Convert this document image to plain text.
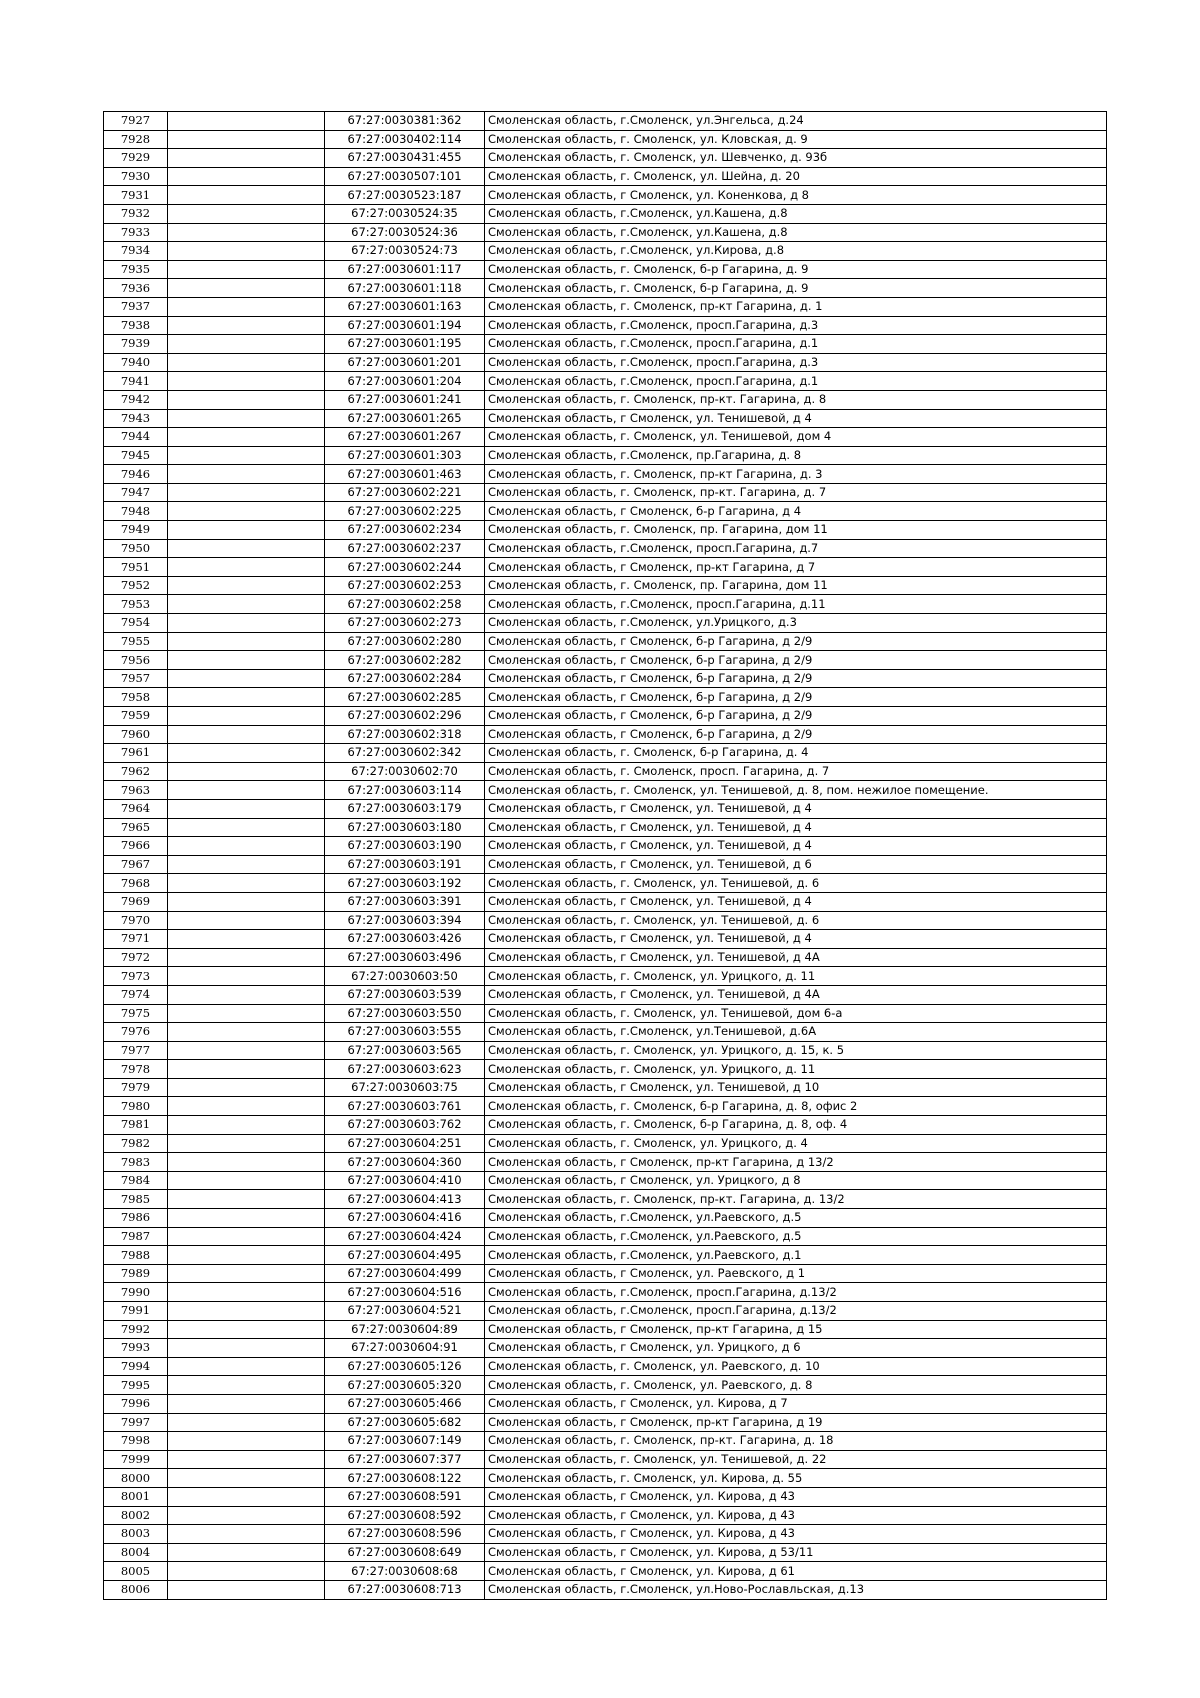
7927		67:27:0030381:362	Смоленская область, г.Смоленск, ул.Энгельса, д.24
7928		67:27:0030402:114	Смоленская область, г. Смоленск, ул. Кловская, д. 9
7929		67:27:0030431:455	Смоленская область, г. Смоленск, ул. Шевченко, д. 93б
7930		67:27:0030507:101	Смоленская область, г. Смоленск, ул. Шейна, д. 20
7931		67:27:0030523:187	Смоленская область, г Смоленск, ул. Коненкова, д 8
7932		67:27:0030524:35	Смоленская область, г.Смоленск, ул.Кашена, д.8
7933		67:27:0030524:36	Смоленская область, г.Смоленск, ул.Кашена, д.8
7934		67:27:0030524:73	Смоленская область, г.Смоленск, ул.Кирова, д.8
7935		67:27:0030601:117	Смоленская область, г. Смоленск, б-р Гагарина, д. 9
7936		67:27:0030601:118	Смоленская область, г. Смоленск, б-р Гагарина, д. 9
7937		67:27:0030601:163	Смоленская область, г. Смоленск, пр-кт Гагарина, д. 1
7938		67:27:0030601:194	Смоленская область, г.Смоленск, просп.Гагарина, д.3
7939		67:27:0030601:195	Смоленская область, г.Смоленск, просп.Гагарина, д.1
7940		67:27:0030601:201	Смоленская область, г.Смоленск, просп.Гагарина, д.3
7941		67:27:0030601:204	Смоленская область, г.Смоленск, просп.Гагарина, д.1
7942		67:27:0030601:241	Смоленская область, г. Смоленск, пр-кт. Гагарина, д. 8
7943		67:27:0030601:265	Смоленская область, г Смоленск, ул. Тенишевой, д 4
7944		67:27:0030601:267	Смоленская область, г. Смоленск, ул. Тенишевой, дом 4
7945		67:27:0030601:303	Смоленская область, г.Смоленск, пр.Гагарина, д. 8
7946		67:27:0030601:463	Смоленская область, г. Смоленск, пр-кт Гагарина, д. 3
7947		67:27:0030602:221	Смоленская область, г. Смоленск, пр-кт. Гагарина, д. 7
7948		67:27:0030602:225	Смоленская область, г Смоленск, б-р Гагарина, д 4
7949		67:27:0030602:234	Смоленская область, г. Смоленск, пр. Гагарина, дом 11
7950		67:27:0030602:237	Смоленская область, г.Смоленск, просп.Гагарина, д.7
7951		67:27:0030602:244	Смоленская область, г Смоленск, пр-кт Гагарина, д 7
7952		67:27:0030602:253	Смоленская область, г. Смоленск, пр. Гагарина, дом 11
7953		67:27:0030602:258	Смоленская область, г.Смоленск, просп.Гагарина, д.11
7954		67:27:0030602:273	Смоленская область, г.Смоленск, ул.Урицкого, д.3
7955		67:27:0030602:280	Смоленская область, г Смоленск, б-р Гагарина, д 2/9
7956		67:27:0030602:282	Смоленская область, г Смоленск, б-р Гагарина, д 2/9
7957		67:27:0030602:284	Смоленская область, г Смоленск, б-р Гагарина, д 2/9
7958		67:27:0030602:285	Смоленская область, г Смоленск, б-р Гагарина, д 2/9
7959		67:27:0030602:296	Смоленская область, г Смоленск, б-р Гагарина, д 2/9
7960		67:27:0030602:318	Смоленская область, г Смоленск, б-р Гагарина, д 2/9
7961		67:27:0030602:342	Смоленская область, г. Смоленск, б-р Гагарина, д. 4
7962		67:27:0030602:70	Смоленская область, г. Смоленск, просп. Гагарина, д. 7
7963		67:27:0030603:114	Смоленская область, г. Смоленск, ул. Тенишевой, д. 8, пом. нежилое помещение.
7964		67:27:0030603:179	Смоленская область, г Смоленск, ул. Тенишевой, д 4
7965		67:27:0030603:180	Смоленская область, г Смоленск, ул. Тенишевой, д 4
7966		67:27:0030603:190	Смоленская область, г Смоленск, ул. Тенишевой, д 4
7967		67:27:0030603:191	Смоленская область, г Смоленск, ул. Тенишевой, д 6
7968		67:27:0030603:192	Смоленская область, г. Смоленск, ул. Тенишевой, д. 6
7969		67:27:0030603:391	Смоленская область, г Смоленск, ул. Тенишевой, д 4
7970		67:27:0030603:394	Смоленская область, г. Смоленск, ул. Тенишевой, д. 6
7971		67:27:0030603:426	Смоленская область, г Смоленск, ул. Тенишевой, д 4
7972		67:27:0030603:496	Смоленская область, г Смоленск, ул. Тенишевой, д 4А
7973		67:27:0030603:50	Смоленская область, г. Смоленск, ул. Урицкого, д. 11
7974		67:27:0030603:539	Смоленская область, г Смоленск, ул. Тенишевой, д 4А
7975		67:27:0030603:550	Смоленская область, г. Смоленск, ул. Тенишевой, дом 6-а
7976		67:27:0030603:555	Смоленская область, г.Смоленск, ул.Тенишевой, д.6А
7977		67:27:0030603:565	Смоленская область, г. Смоленск, ул. Урицкого, д. 15, к. 5
7978		67:27:0030603:623	Смоленская область, г. Смоленск, ул. Урицкого, д. 11
7979		67:27:0030603:75	Смоленская область, г Смоленск, ул. Тенишевой, д 10
7980		67:27:0030603:761	Смоленская область, г. Смоленск, б-р Гагарина, д. 8, офис 2
7981		67:27:0030603:762	Смоленская область, г. Смоленск, б-р Гагарина, д. 8, оф. 4
7982		67:27:0030604:251	Смоленская область, г. Смоленск, ул. Урицкого, д. 4
7983		67:27:0030604:360	Смоленская область, г Смоленск, пр-кт Гагарина, д 13/2
7984		67:27:0030604:410	Смоленская область, г Смоленск, ул. Урицкого, д 8
7985		67:27:0030604:413	Смоленская область, г. Смоленск, пр-кт. Гагарина, д. 13/2
7986		67:27:0030604:416	Смоленская область, г.Смоленск, ул.Раевского, д.5
7987		67:27:0030604:424	Смоленская область, г.Смоленск, ул.Раевского, д.5
7988		67:27:0030604:495	Смоленская область, г.Смоленск, ул.Раевского, д.1
7989		67:27:0030604:499	Смоленская область, г Смоленск, ул. Раевского, д 1
7990		67:27:0030604:516	Смоленская область, г.Смоленск, просп.Гагарина, д.13/2
7991		67:27:0030604:521	Смоленская область, г.Смоленск, просп.Гагарина, д.13/2
7992		67:27:0030604:89	Смоленская область, г Смоленск, пр-кт Гагарина, д 15
7993		67:27:0030604:91	Смоленская область, г Смоленск, ул. Урицкого, д 6
7994		67:27:0030605:126	Смоленская область, г. Смоленск, ул. Раевского, д. 10
7995		67:27:0030605:320	Смоленская область, г. Смоленск, ул. Раевского, д. 8
7996		67:27:0030605:466	Смоленская область, г Смоленск, ул. Кирова, д 7
7997		67:27:0030605:682	Смоленская область, г Смоленск, пр-кт Гагарина, д 19
7998		67:27:0030607:149	Смоленская область, г. Смоленск, пр-кт. Гагарина, д. 18
7999		67:27:0030607:377	Смоленская область, г. Смоленск, ул. Тенишевой, д. 22
8000		67:27:0030608:122	Смоленская область, г. Смоленск, ул. Кирова, д. 55
8001		67:27:0030608:591	Смоленская область, г Смоленск, ул. Кирова, д 43
8002		67:27:0030608:592	Смоленская область, г Смоленск, ул. Кирова, д 43
8003		67:27:0030608:596	Смоленская область, г Смоленск, ул. Кирова, д 43
8004		67:27:0030608:649	Смоленская область, г Смоленск, ул. Кирова, д 53/11
8005		67:27:0030608:68	Смоленская область, г Смоленск, ул. Кирова, д 61
8006		67:27:0030608:713	Смоленская область, г.Смоленск, ул.Ново-Рославльская, д.13
